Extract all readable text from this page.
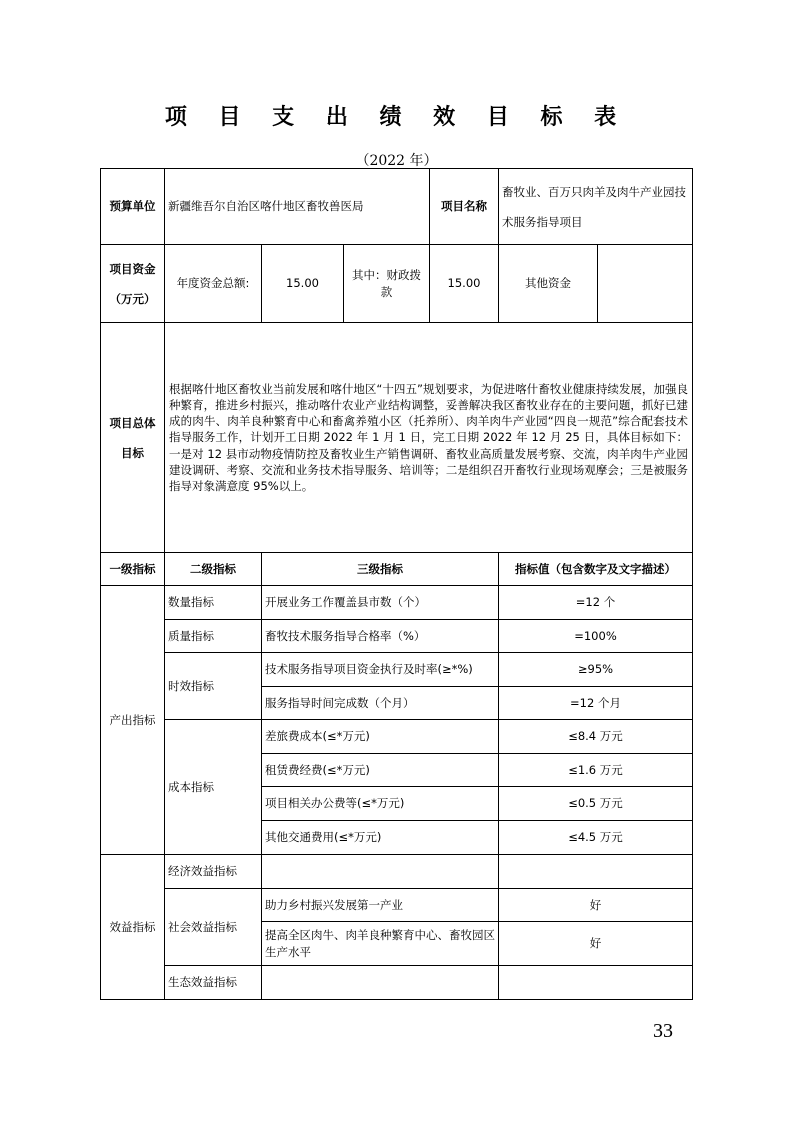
项 目 支 出 绩 效 目 标 表
（2022 年）
预算单位	新疆维吾尔自治区喀什地区畜牧兽医局			项目名称	畜牧业、百万只肉羊及肉牛产业园技术服务指导项目	
项目资金
（万元）	年度资金总额:	15.00	其中：财政拨款	15.00	其他资金	
项目总体目标	根据喀什地区畜牧业当前发展和喀什地区“十四五”规划要求，为促进喀什畜牧业健康持续发展，加强良种繁育，推进乡村振兴，推动喀什农业产业结构调整，妥善解决我区畜牧业存在的主要问题，抓好已建成的肉牛、肉羊良种繁育中心和畜禽养殖小区（托养所）、肉羊肉牛产业园“四良一规范”综合配套技术指导服务工作，计划开工日期 2022 年 1 月 1 日，完工日期 2022 年 12 月 25 日，具体目标如下：一是对 12 县市动物疫情防控及畜牧业生产销售调研、畜牧业高质量发展考察、交流，肉羊肉牛产业园建设调研、考察、交流和业务技术指导服务、培训等；二是组织召开畜牧行业现场观摩会；三是被服务指导对象满意度 95%以上。					
一级指标	二级指标	三级指标			指标值（包含数字及文字描述）	
产出指标	数量指标	开展业务工作覆盖县市数（个）			=12 个	
	质量指标	畜牧技术服务指导合格率（%）			=100%	
	时效指标	技术服务指导项目资金执行及时率(≥*%)			≥95%	
		服务指导时间完成数（个月）			=12 个月	
	成本指标	差旅费成本(≤*万元)			≤8.4 万元	
		租赁费经费(≤*万元)			≤1.6 万元	
		项目相关办公费等(≤*万元)			≤0.5 万元	
		其他交通费用(≤*万元)			≤4.5 万元	
效益指标	经济效益指标					
	社会效益指标	助力乡村振兴发展第一产业			好	
		提高全区肉牛、肉羊良种繁育中心、畜牧园区生产水平			好	
	生态效益指标					
33
